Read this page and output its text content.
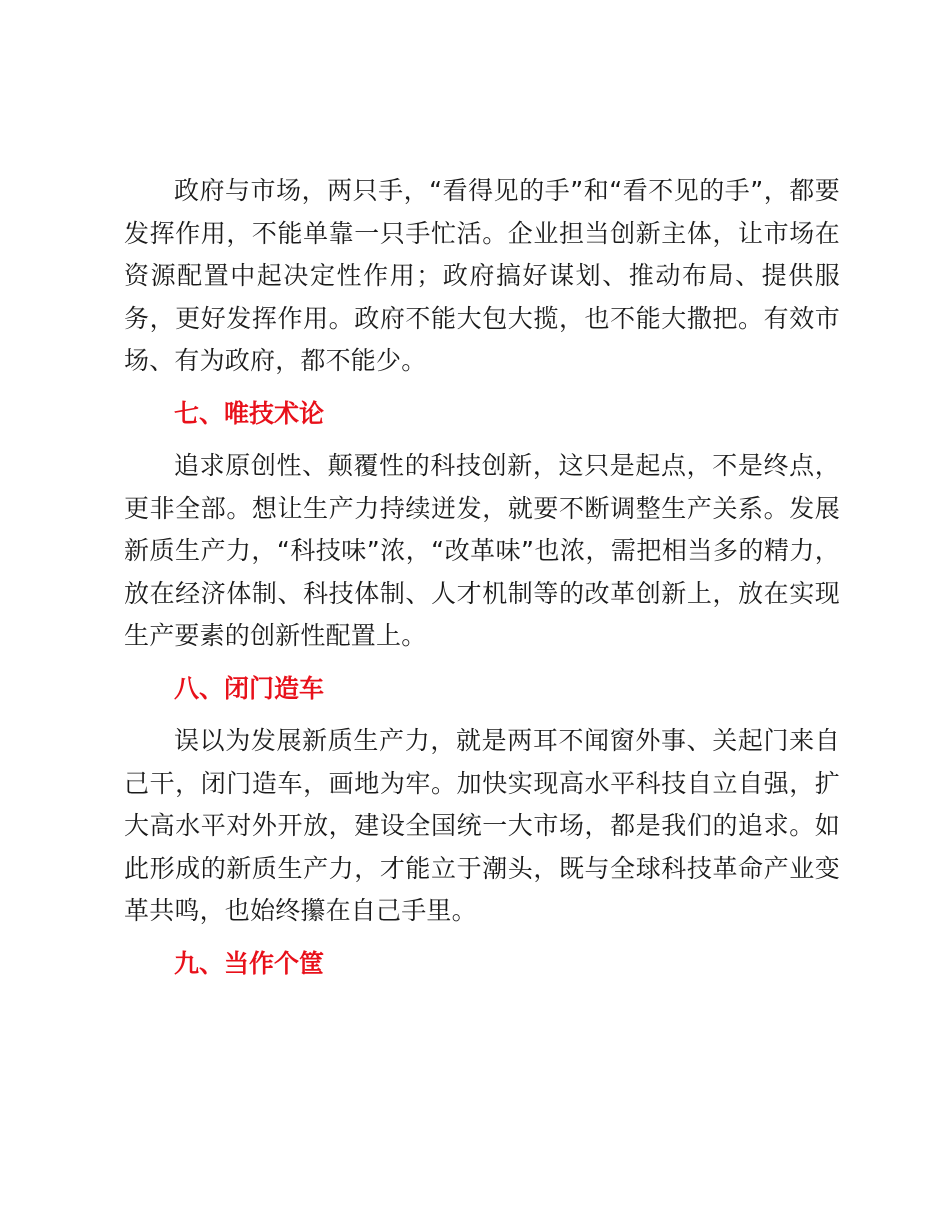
政府与市场，两只手，“看得见的手”和“看不见的手”，都要发挥作用，不能单靠一只手忙活。企业担当创新主体，让市场在资源配置中起决定性作用；政府搞好谋划、推动布局、提供服务，更好发挥作用。政府不能大包大揽，也不能大撒把。有效市场、有为政府，都不能少。

七、唯技术论

追求原创性、颠覆性的科技创新，这只是起点，不是终点，更非全部。想让生产力持续迸发，就要不断调整生产关系。发展新质生产力，“科技味”浓，“改革味”也浓，需把相当多的精力，放在经济体制、科技体制、人才机制等的改革创新上，放在实现生产要素的创新性配置上。

八、闭门造车

误以为发展新质生产力，就是两耳不闻窗外事、关起门来自己干，闭门造车，画地为牢。加快实现高水平科技自立自强，扩大高水平对外开放，建设全国统一大市场，都是我们的追求。如此形成的新质生产力，才能立于潮头，既与全球科技革命产业变革共鸣，也始终攥在自己手里。

九、当作个筐
